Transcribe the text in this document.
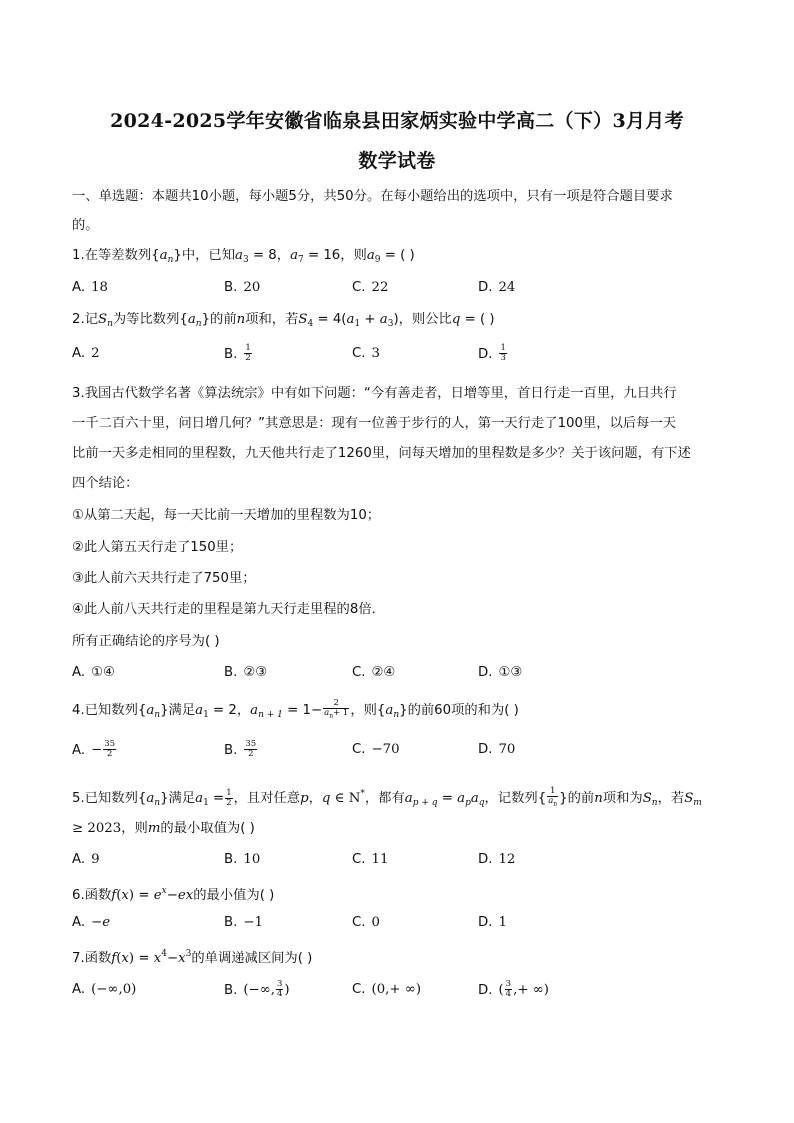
2024-2025学年安徽省临泉县田家炳实验中学高二（下）3月月考
数学试卷
一、单选题：本题共10小题，每小题5分，共50分。在每小题给出的选项中，只有一项是符合题目要求
的。
1.在等差数列$\{a_n\}$中，已知$a_3 = 8$，$a_7 = 16$，则$a_9$ = ( )
A. 18	B. 20	C. 22	D. 24
2.记$S_n$为等比数列$\{a_n\}$的前n项和，若$S_4 = 4(a_1 + a_3)$，则公比q = ( )
A. 2	B. $\frac{1}{2}$	C. 3	D. $\frac{1}{3}$
3.我国古代数学名著《算法统宗》中有如下问题：“今有善走者，日增等里，首日行走一百里，九日共行
一千二百六十里，问日增几何？”其意思是：现有一位善于步行的人，第一天行走了100里，以后每一天
比前一天多走相同的里程数，九天他共行走了1260里，问每天增加的里程数是多少？关于该问题，有下述
四个结论：
①从第二天起，每一天比前一天增加的里程数为10；
②此人第五天行走了150里；
③此人前六天共行走了750里；
④此人前八天共行走的里程是第九天行走里程的8倍．
所有正确结论的序号为( )
A. ①④	B. ②③	C. ②④	D. ①③
4.已知数列$\{a_n\}$满足$a_1 = 2$，$a_{n + 1} = 1- \frac{2}{a_n+ 1}$ ，则$\{a_n\}$的前60项的和为( )
A. − $\frac{35}{2}$	B. $\frac{35}{2}$	C. −70	D. 70
5.已知数列$\{a_n\}$满足$a_1 = \frac{1}{2}$ ，且对任意p，q ∈ N*，都有$a_{p + q} = a_pa_q$，记数列{ $\frac{1}{a_n}$ }的前n项和为$S_n$，若$S_m$
≥ 2023，则m的最小取值为( )
A. 9	B. 10	C. 11	D. 12
6.函数$f(x) = e^x-ex$的最小值为( )
A. −e	B. −1	C. 0	D. 1
7.函数$f(x) = x^4-x^3$的单调递减区间为( )
A. (−∞,0)	B. (−∞, $\frac{3}{4}$ )	C. (0,+ ∞)	D. ( $\frac{3}{4}$ ,+ ∞)
